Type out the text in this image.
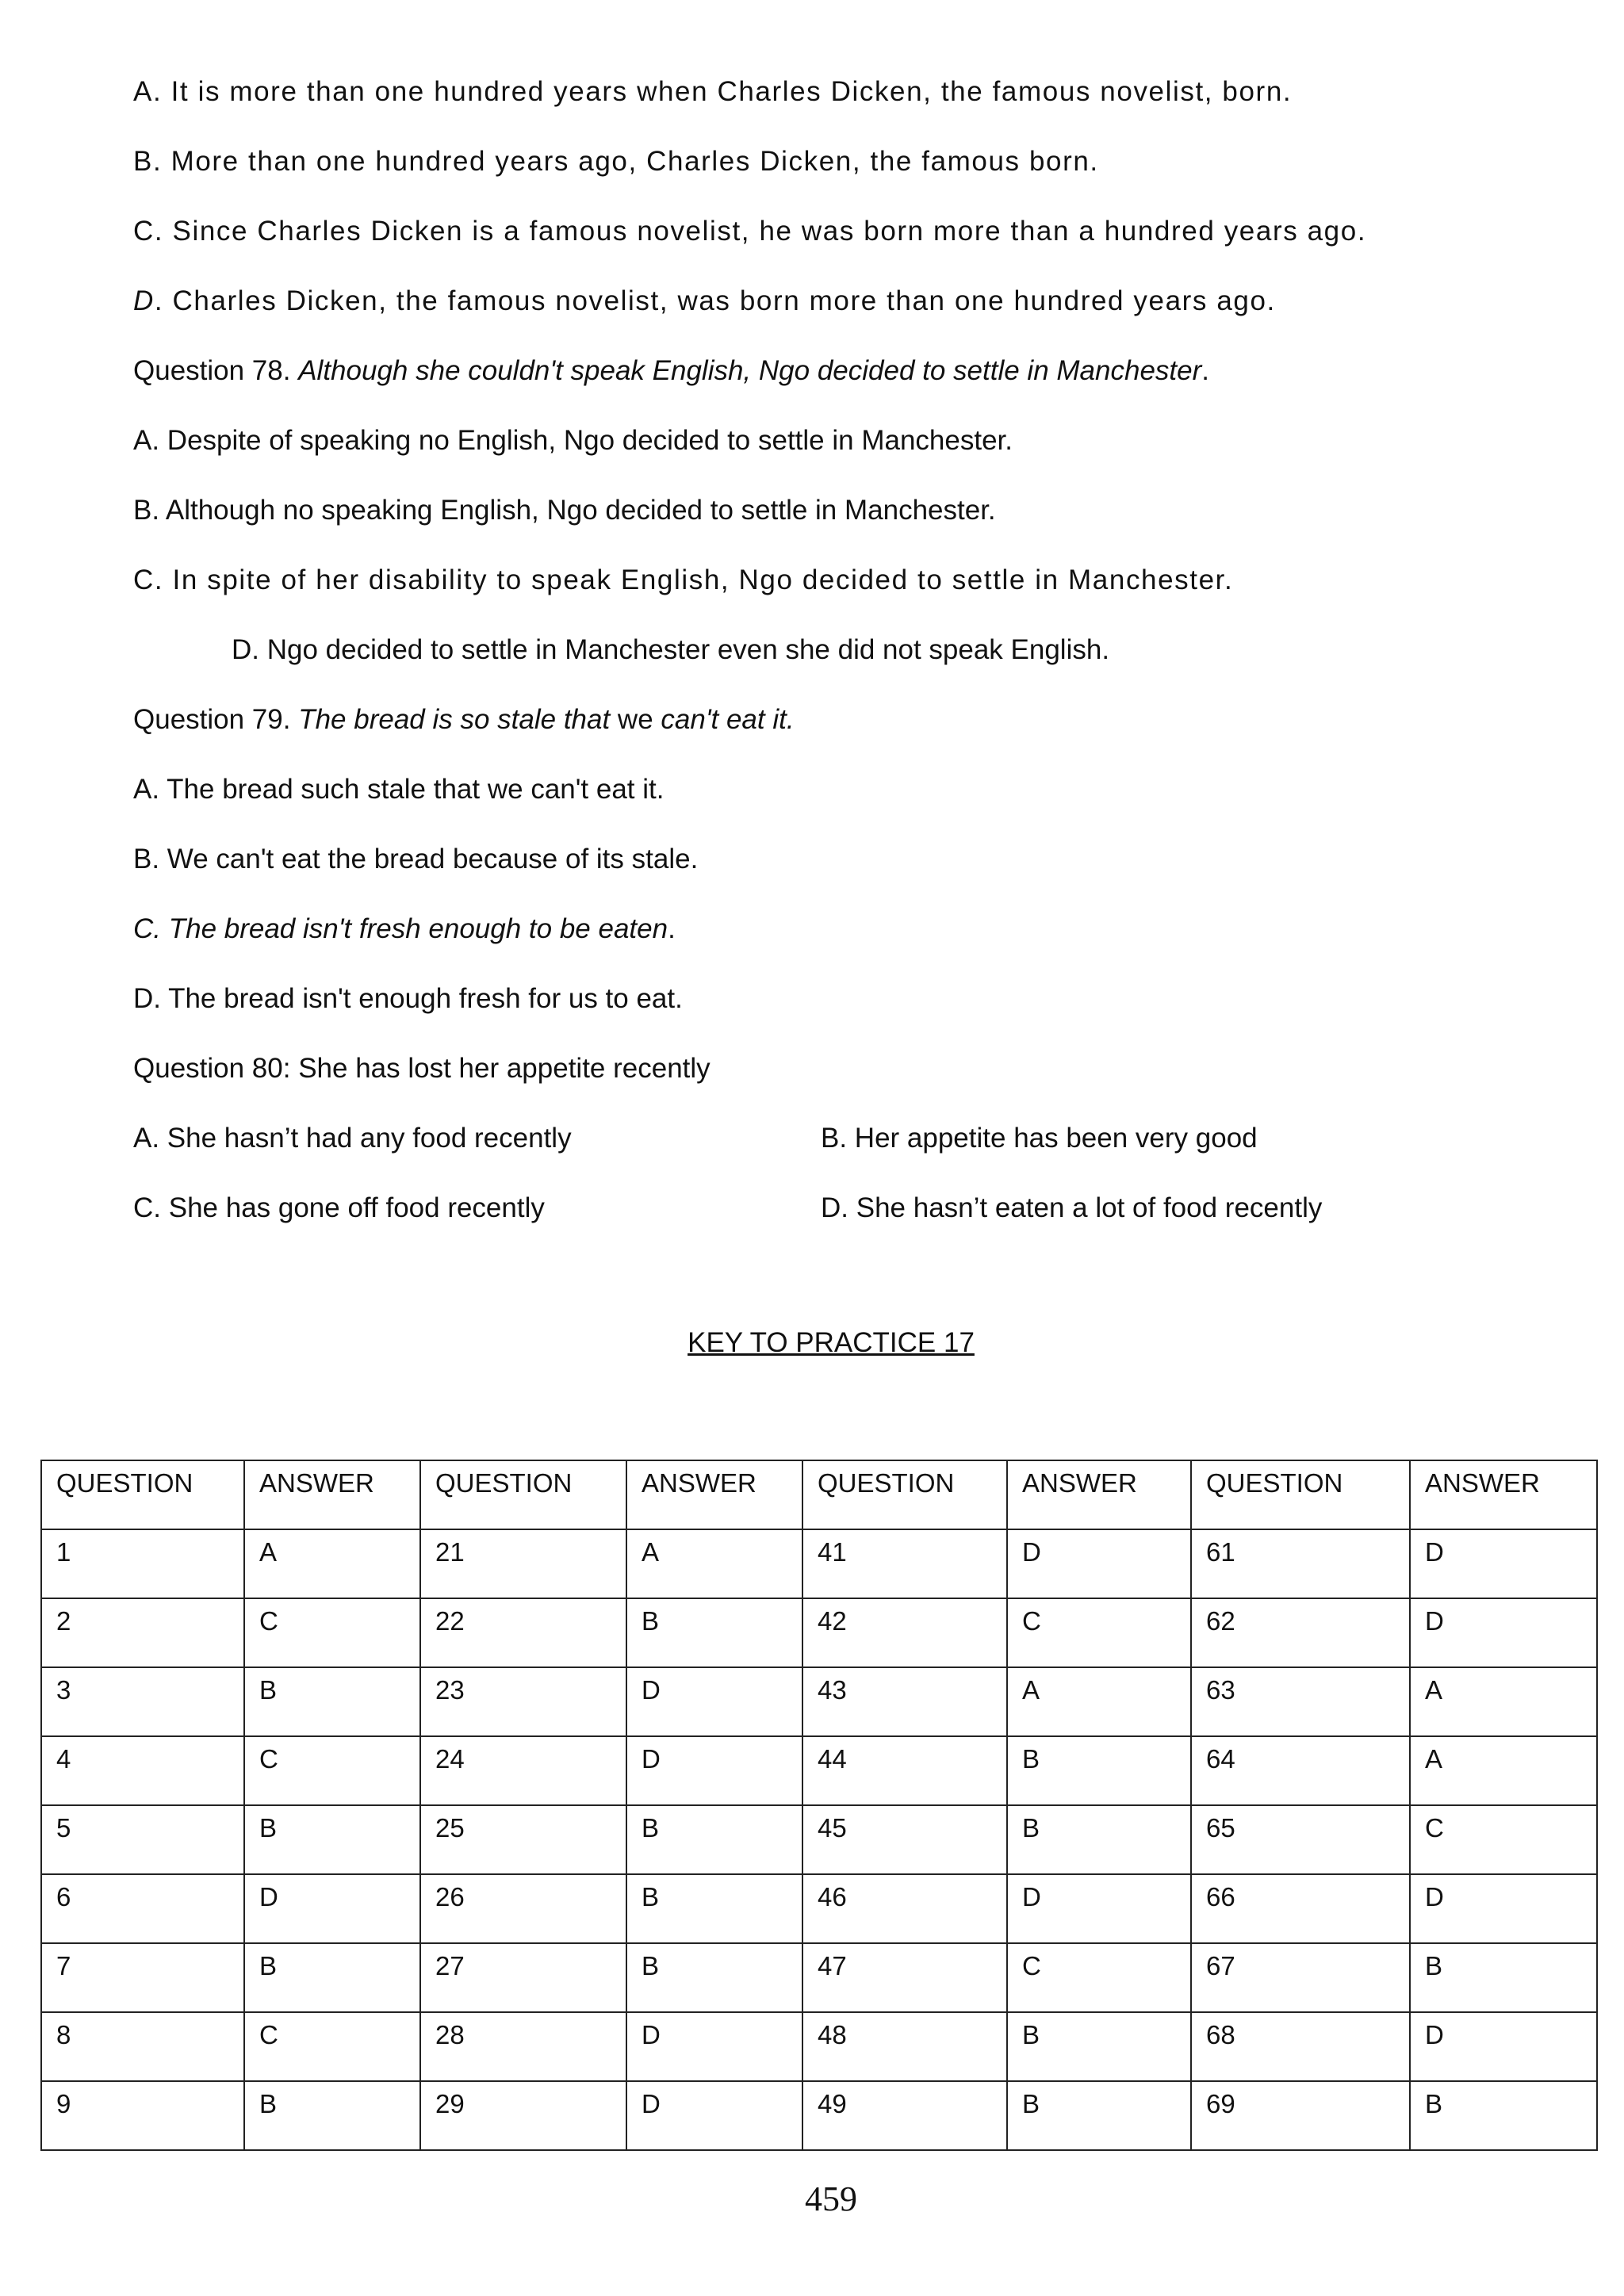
A. It is more than one hundred years when Charles Dicken, the famous novelist, born.
B. More than one hundred years ago, Charles Dicken, the famous born.
C. Since Charles Dicken is a famous novelist, he was born more than a hundred years ago.
D. Charles Dicken, the famous novelist, was born more than one hundred years ago.
Question 78. Although she couldn't speak English, Ngo decided to settle in Manchester.
A. Despite of speaking no English, Ngo decided to settle in Manchester.
B. Although no speaking English, Ngo decided to settle in Manchester.
C. In spite of her disability to speak English, Ngo decided to settle in Manchester.
D. Ngo decided to settle in Manchester even she did not speak English.
Question 79. The bread is so stale that we can't eat it.
A. The bread such stale that we can't eat it.
B. We can't eat the bread because of its stale.
C. The bread isn't fresh enough to be eaten.
D. The bread isn't enough fresh for us to eat.
Question 80: She has lost her appetite recently
A. She hasn’t had any food recently	B. Her appetite has been very good
C. She has gone off food recently	D. She hasn’t eaten a lot of food recently
KEY TO PRACTICE 17
QUESTION	ANSWER	QUESTION	ANSWER	QUESTION	ANSWER	QUESTION	ANSWER
1	A	21	A	41	D	61	D
2	C	22	B	42	C	62	D
3	B	23	D	43	A	63	A
4	C	24	D	44	B	64	A
5	B	25	B	45	B	65	C
6	D	26	B	46	D	66	D
7	B	27	B	47	C	67	B
8	C	28	D	48	B	68	D
9	B	29	D	49	B	69	B
459
